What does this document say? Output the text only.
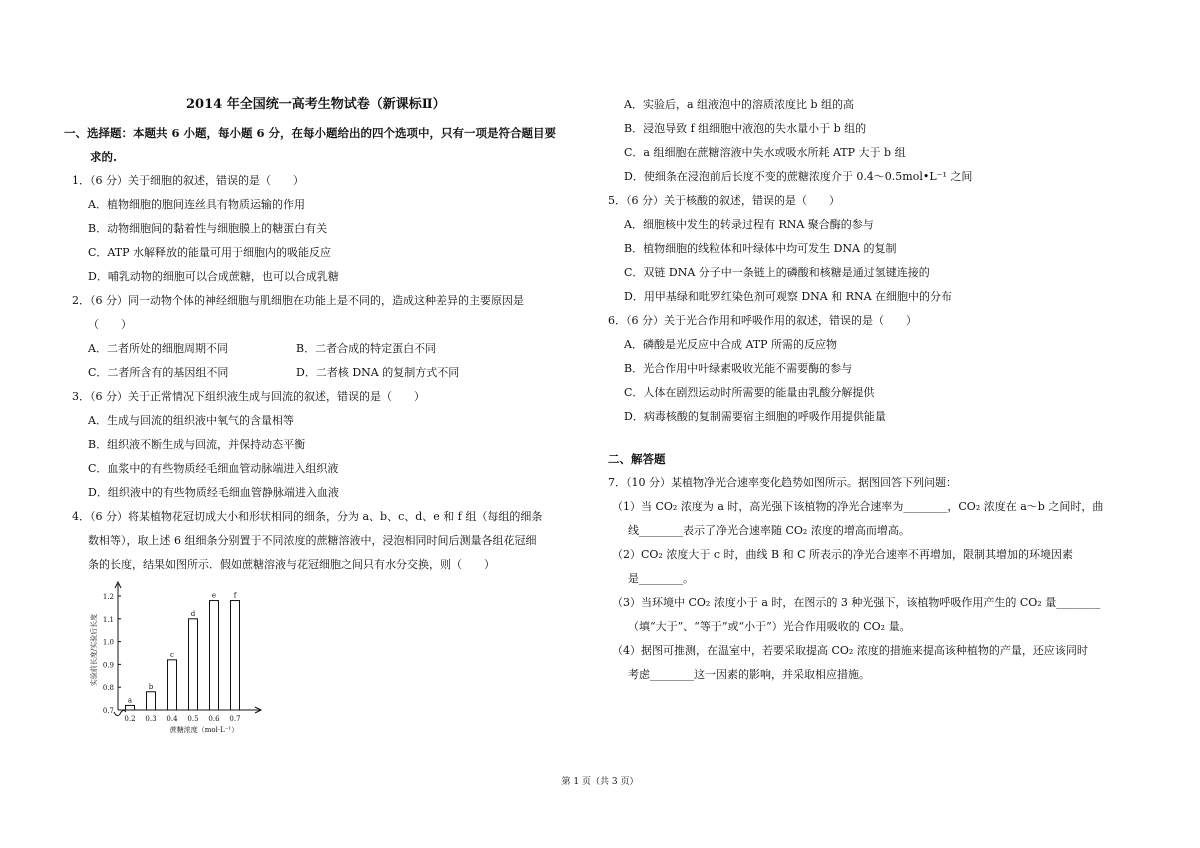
2014 年全国统一高考生物试卷（新课标Ⅱ）
一、选择题：本题共 6 小题，每小题 6 分，在每小题给出的四个选项中，只有一项是符合题目要
求的.
1．（6 分）关于细胞的叙述，错误的是（　　）
A．植物细胞的胞间连丝具有物质运输的作用
B．动物细胞间的黏着性与细胞膜上的糖蛋白有关
C．ATP 水解释放的能量可用于细胞内的吸能反应
D．哺乳动物的细胞可以合成蔗糖，也可以合成乳糖
2．（6 分）同一动物个体的神经细胞与肌细胞在功能上是不同的，造成这种差异的主要原因是
（　　）
A．二者所处的细胞周期不同	B．二者合成的特定蛋白不同
C．二者所含有的基因组不同	D．二者核 DNA 的复制方式不同
3．（6 分）关于正常情况下组织液生成与回流的叙述，错误的是（　　）
A．生成与回流的组织液中氧气的含量相等
B．组织液不断生成与回流，并保持动态平衡
C．血浆中的有些物质经毛细血管动脉端进入组织液
D．组织液中的有些物质经毛细血管静脉端进入血液
4．（6 分）将某植物花冠切成大小和形状相同的细条，分为 a、b、c、d、e 和 f 组（每组的细条
数相等），取上述 6 组细条分别置于不同浓度的蔗糖溶液中，浸泡相同时间后测量各组花冠细
条的长度，结果如图所示．假如蔗糖溶液与花冠细胞之间只有水分交换，则（　　）
0.7
0.8
0.9
1.0
1.1
1.2
a
0.2
b
0.3
c
0.4
d
0.5
e
0.6
f
0.7
蔗糖浓度（mol·L⁻¹）
实验前长度/实验后长度
A．实验后，a 组液泡中的溶质浓度比 b 组的高
B．浸泡导致 f 组细胞中液泡的失水量小于 b 组的
C．a 组细胞在蔗糖溶液中失水或吸水所耗 ATP 大于 b 组
D．使细条在浸泡前后长度不变的蔗糖浓度介于 0.4～0.5mol•L⁻¹ 之间
5．（6 分）关于核酸的叙述，错误的是（　　）
A．细胞核中发生的转录过程有 RNA 聚合酶的参与
B．植物细胞的线粒体和叶绿体中均可发生 DNA 的复制
C．双链 DNA 分子中一条链上的磷酸和核糖是通过氢键连接的
D．用甲基绿和吡罗红染色剂可观察 DNA 和 RNA 在细胞中的分布
6．（6 分）关于光合作用和呼吸作用的叙述，错误的是（　　）
A．磷酸是光反应中合成 ATP 所需的反应物
B．光合作用中叶绿素吸收光能不需要酶的参与
C．人体在剧烈运动时所需要的能量由乳酸分解提供
D．病毒核酸的复制需要宿主细胞的呼吸作用提供能量
二、解答题
7．（10 分）某植物净光合速率变化趋势如图所示。据图回答下列问题：
（1）当 CO₂ 浓度为 a 时，高光强下该植物的净光合速率为________，CO₂ 浓度在 a～b 之间时，曲
线________表示了净光合速率随 CO₂ 浓度的增高而增高。
（2）CO₂ 浓度大于 c 时，曲线 B 和 C 所表示的净光合速率不再增加，限制其增加的环境因素
是________。
（3）当环境中 CO₂ 浓度小于 a 时，在图示的 3 种光强下，该植物呼吸作用产生的 CO₂ 量________
（填“大于”、“等于”或“小于”）光合作用吸收的 CO₂ 量。
（4）据图可推测，在温室中，若要采取提高 CO₂ 浓度的措施来提高该种植物的产量，还应该同时
考虑________这一因素的影响，并采取相应措施。
第 1 页（共 3 页）
